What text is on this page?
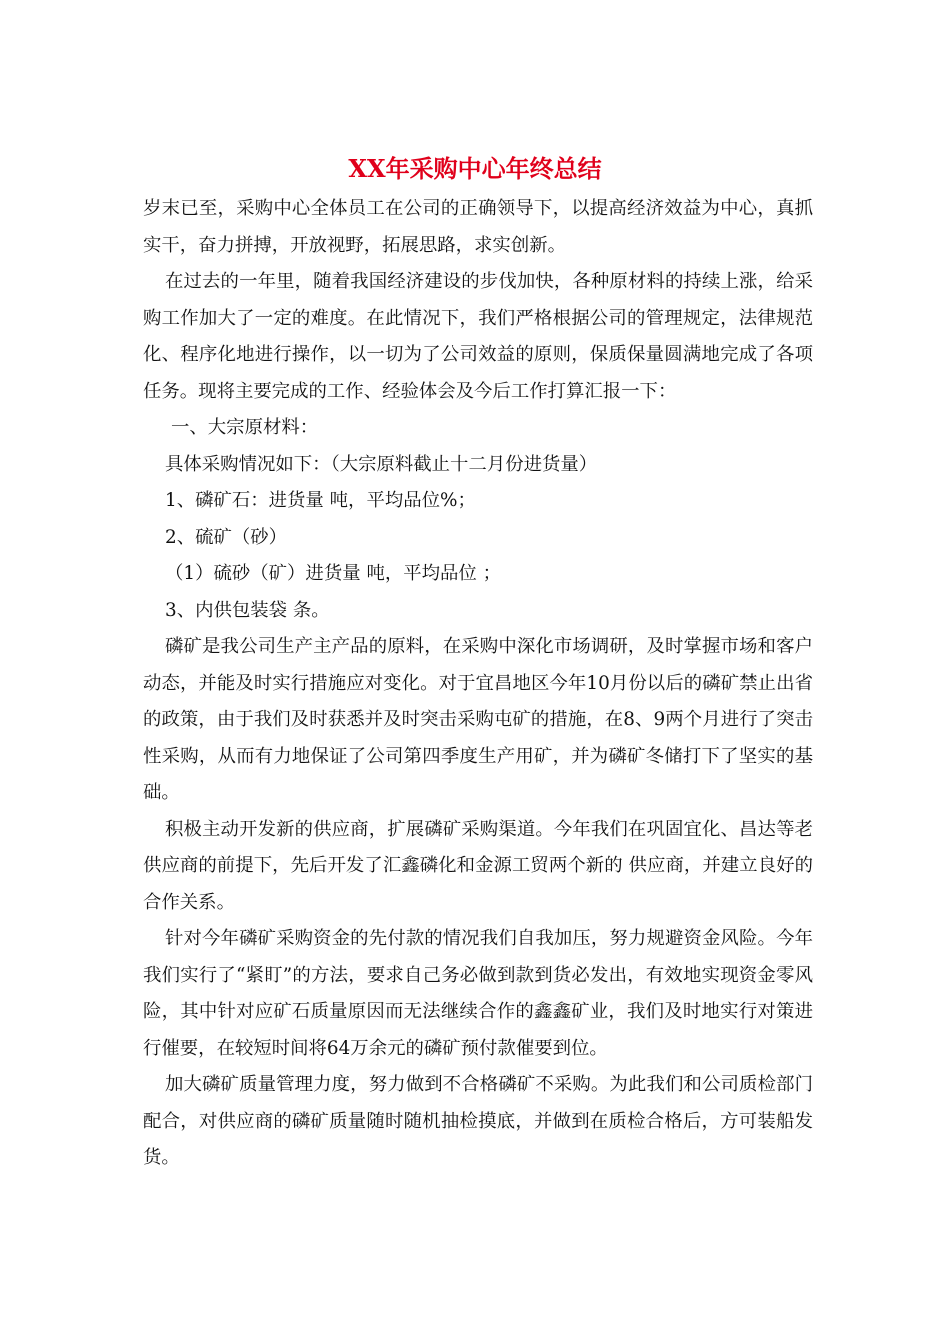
XX年采购中心年终总结

岁末已至，采购中心全体员工在公司的正确领导下，以提高经济效益为中心，真抓实干，奋力拼搏，开放视野，拓展思路，求实创新。

在过去的一年里，随着我国经济建设的步伐加快，各种原材料的持续上涨，给采购工作加大了一定的难度。在此情况下，我们严格根据公司的管理规定，法律规范化、程序化地进行操作，以一切为了公司效益的原则，保质保量圆满地完成了各项任务。现将主要完成的工作、经验体会及今后工作打算汇报一下：

一、大宗原材料：

具体采购情况如下：（大宗原料截止十二月份进货量）

1、磷矿石：进货量 吨，平均品位%；

2、硫矿（砂）

（1）硫砂（矿）进货量 吨，平均品位 ；

3、内供包装袋 条。

磷矿是我公司生产主产品的原料，在采购中深化市场调研，及时掌握市场和客户动态，并能及时实行措施应对变化。对于宜昌地区今年10月份以后的磷矿禁止出省的政策，由于我们及时获悉并及时突击采购屯矿的措施，在8、9两个月进行了突击性采购，从而有力地保证了公司第四季度生产用矿，并为磷矿冬储打下了坚实的基础。

积极主动开发新的供应商，扩展磷矿采购渠道。今年我们在巩固宜化、昌达等老供应商的前提下，先后开发了汇鑫磷化和金源工贸两个新的 供应商，并建立良好的合作关系。

针对今年磷矿采购资金的先付款的情况我们自我加压，努力规避资金风险。今年我们实行了“紧盯”的方法，要求自己务必做到款到货必发出，有效地实现资金零风险，其中针对应矿石质量原因而无法继续合作的鑫鑫矿业，我们及时地实行对策进行催要，在较短时间将64万余元的磷矿预付款催要到位。

加大磷矿质量管理力度，努力做到不合格磷矿不采购。为此我们和公司质检部门配合，对供应商的磷矿质量随时随机抽检摸底，并做到在质检合格后，方可装船发货。
